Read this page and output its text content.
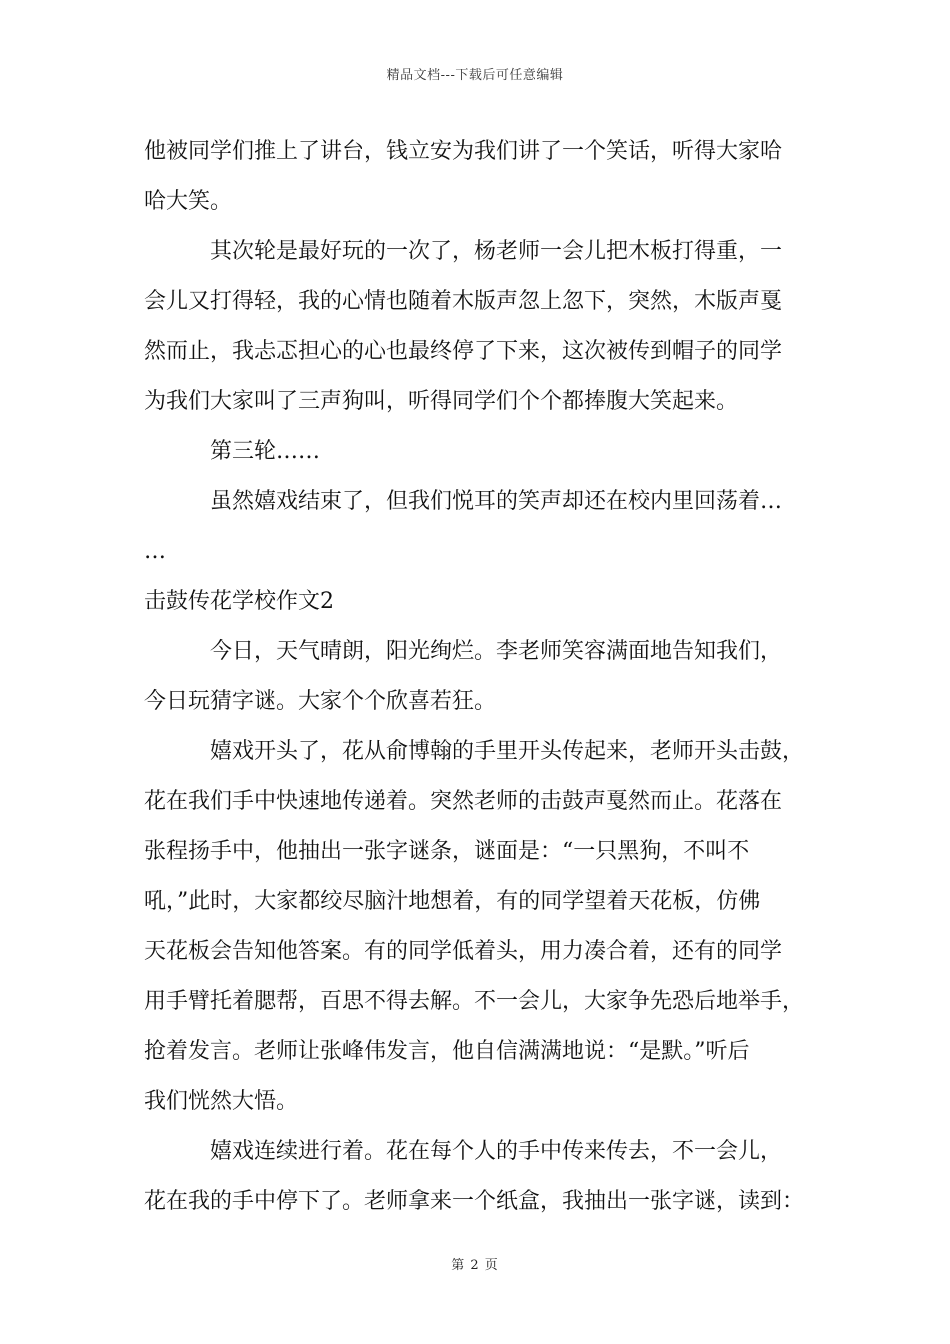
精品文档---下载后可任意编辑
他被同学们推上了讲台，钱立安为我们讲了一个笑话，听得大家哈
哈大笑。
其次轮是最好玩的一次了，杨老师一会儿把木板打得重，一
会儿又打得轻，我的心情也随着木版声忽上忽下，突然，木版声戛
然而止，我忐忑担心的心也最终停了下来，这次被传到帽子的同学
为我们大家叫了三声狗叫，听得同学们个个都捧腹大笑起来。
第三轮……
虽然嬉戏结束了，但我们悦耳的笑声却还在校内里回荡着…
…
击鼓传花学校作文2
今日，天气晴朗，阳光绚烂。李老师笑容满面地告知我们，
今日玩猜字谜。大家个个欣喜若狂。
嬉戏开头了，花从俞博翰的手里开头传起来，老师开头击鼓，
花在我们手中快速地传递着。突然老师的击鼓声戛然而止。花落在
张程扬手中，他抽出一张字谜条，谜面是：“一只黑狗，不叫不
吼，”此时，大家都绞尽脑汁地想着，有的同学望着天花板，仿佛
天花板会告知他答案。有的同学低着头，用力凑合着，还有的同学
用手臂托着腮帮，百思不得去解。不一会儿，大家争先恐后地举手，
抢着发言。老师让张峰伟发言，他自信满满地说：“是默。”听后
我们恍然大悟。
嬉戏连续进行着。花在每个人的手中传来传去，不一会儿，
花在我的手中停下了。老师拿来一个纸盒，我抽出一张字谜，读到：
第 2 页
